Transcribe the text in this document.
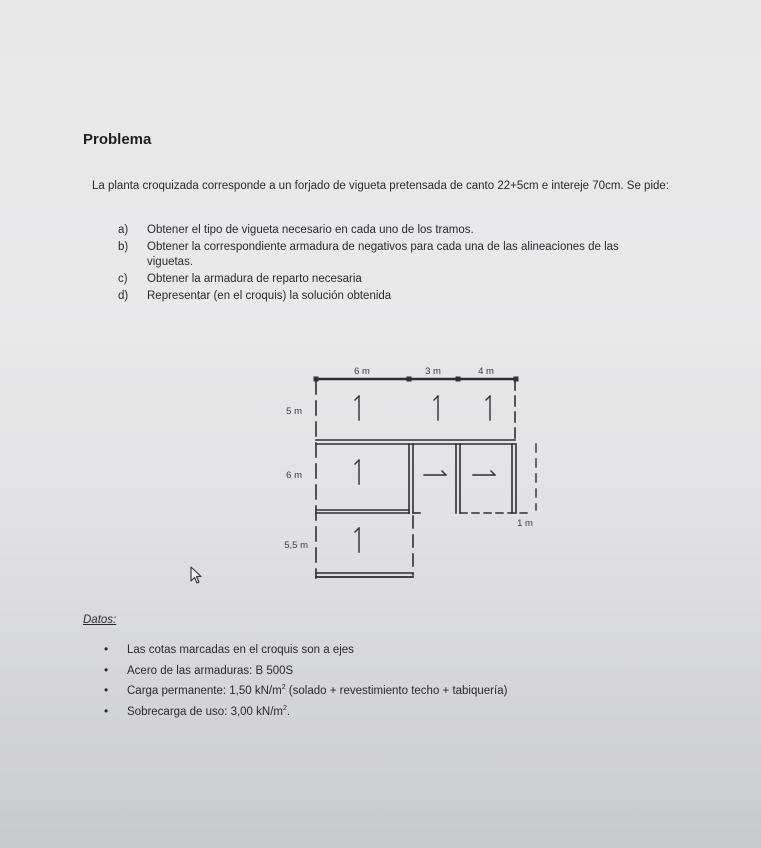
Problema
La planta croquizada corresponde a un forjado de vigueta pretensada de canto 22+5cm e intereje 70cm. Se pide:
a)	Obtener el tipo de vigueta necesario en cada uno de los tramos.
b)	Obtener la correspondiente armadura de negativos para cada una de las alineaciones de las viguetas.
c)	Obtener la armadura de reparto necesaria
d)	Representar (en el croquis) la solución obtenida
6 m	3 m	4 m
5 m
6 m
5,5 m
1 m
Datos:
•	Las cotas marcadas en el croquis son a ejes
•	Acero de las armaduras: B 500S
•	Carga permanente: 1,50 $kN/m^2$ (solado + revestimiento techo + tabiquería)
•	Sobrecarga de uso: 3,00 $kN/m^2$.
